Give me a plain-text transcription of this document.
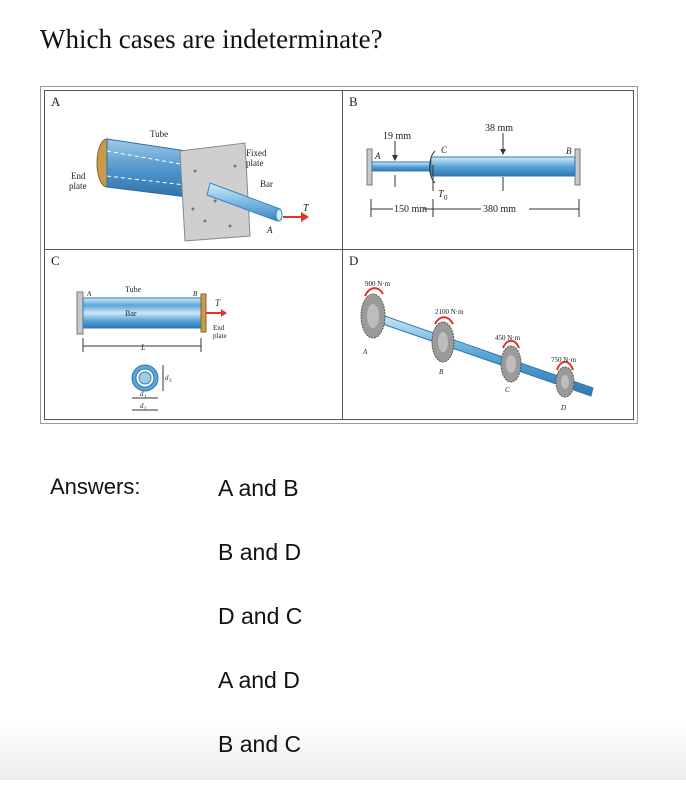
Which cases are indeterminate?
A
Tube
Fixed
plate
Bar
End
plate
T
A
B
19 mm
38 mm
A	B
C
T 0
150 mm	380 mm
C
Tube
Bar
A	B
L
T
End
plate
d 3
d 1
d 2
D
900 N·m
2100 N·m
450 N·m
750 N·m
A
B
C
D
Answers:	A and B
B and D
D and C
A and D
B and C
